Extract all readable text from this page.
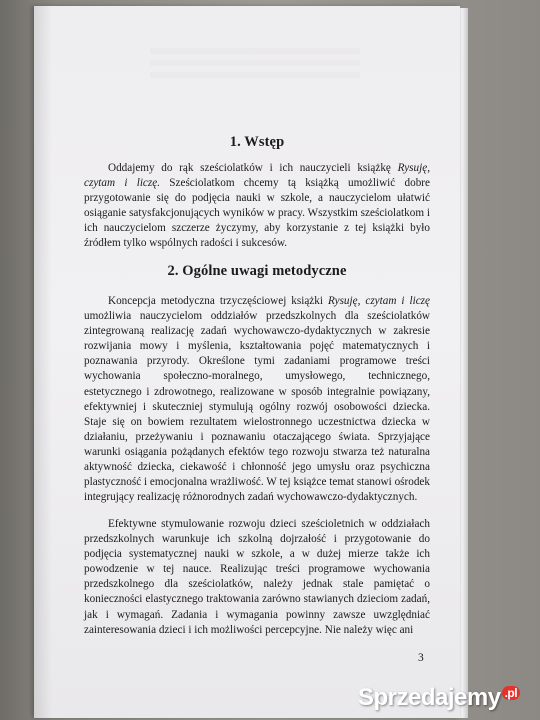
1. Wstęp

Oddajemy do rąk sześciolatków i ich nauczycieli książkę Rysuję, czytam i liczę. Sześciolatkom chcemy tą książką umożliwić dobre przygotowanie się do podjęcia nauki w szkole, a nauczycielom ułatwić osiąganie satysfakcjonujących wyników w pracy. Wszystkim sześciolatkom i ich nauczycielom szczerze życzymy, aby korzystanie z tej książki było źródłem tylko wspólnych radości i sukcesów.

2. Ogólne uwagi metodyczne

Koncepcja metodyczna trzyczęściowej książki Rysuję, czytam i liczę umożliwia nauczycielom oddziałów przedszkolnych dla sześciolatków zintegrowaną realizację zadań wychowawczo-dydaktycznych w zakresie rozwijania mowy i myślenia, kształtowania pojęć matematycznych i poznawania przyrody. Określone tymi zadaniami programowe treści wychowania społeczno-moralnego, umysłowego, technicznego, estetycznego i zdrowotnego, realizowane w sposób integralnie powiązany, efektywniej i skuteczniej stymulują ogólny rozwój osobowości dziecka. Staje się on bowiem rezultatem wielostronnego uczestnictwa dziecka w działaniu, przeżywaniu i poznawaniu otaczającego świata. Sprzyjające warunki osiągania pożądanych efektów tego rozwoju stwarza też naturalna aktywność dziecka, ciekawość i chłonność jego umysłu oraz psychiczna plastyczność i emocjonalna wrażliwość. W tej książce temat stanowi ośrodek integrujący realizację różnorodnych zadań wychowawczo-dydaktycznych.

Efektywne stymulowanie rozwoju dzieci sześcioletnich w oddziałach przedszkolnych warunkuje ich szkolną dojrzałość i przygotowanie do podjęcia systematycznej nauki w szkole, a w dużej mierze także ich powodzenie w tej nauce. Realizując treści programowe wychowania przedszkolnego dla sześciolatków, należy jednak stale pamiętać o konieczności elastycznego traktowania zarówno stawianych dzieciom zadań, jak i wymagań. Zadania i wymagania powinny zawsze uwzględniać zainteresowania dzieci i ich możliwości percepcyjne. Nie należy więc ani

3
Sprzedajemy $^{.pl}$
